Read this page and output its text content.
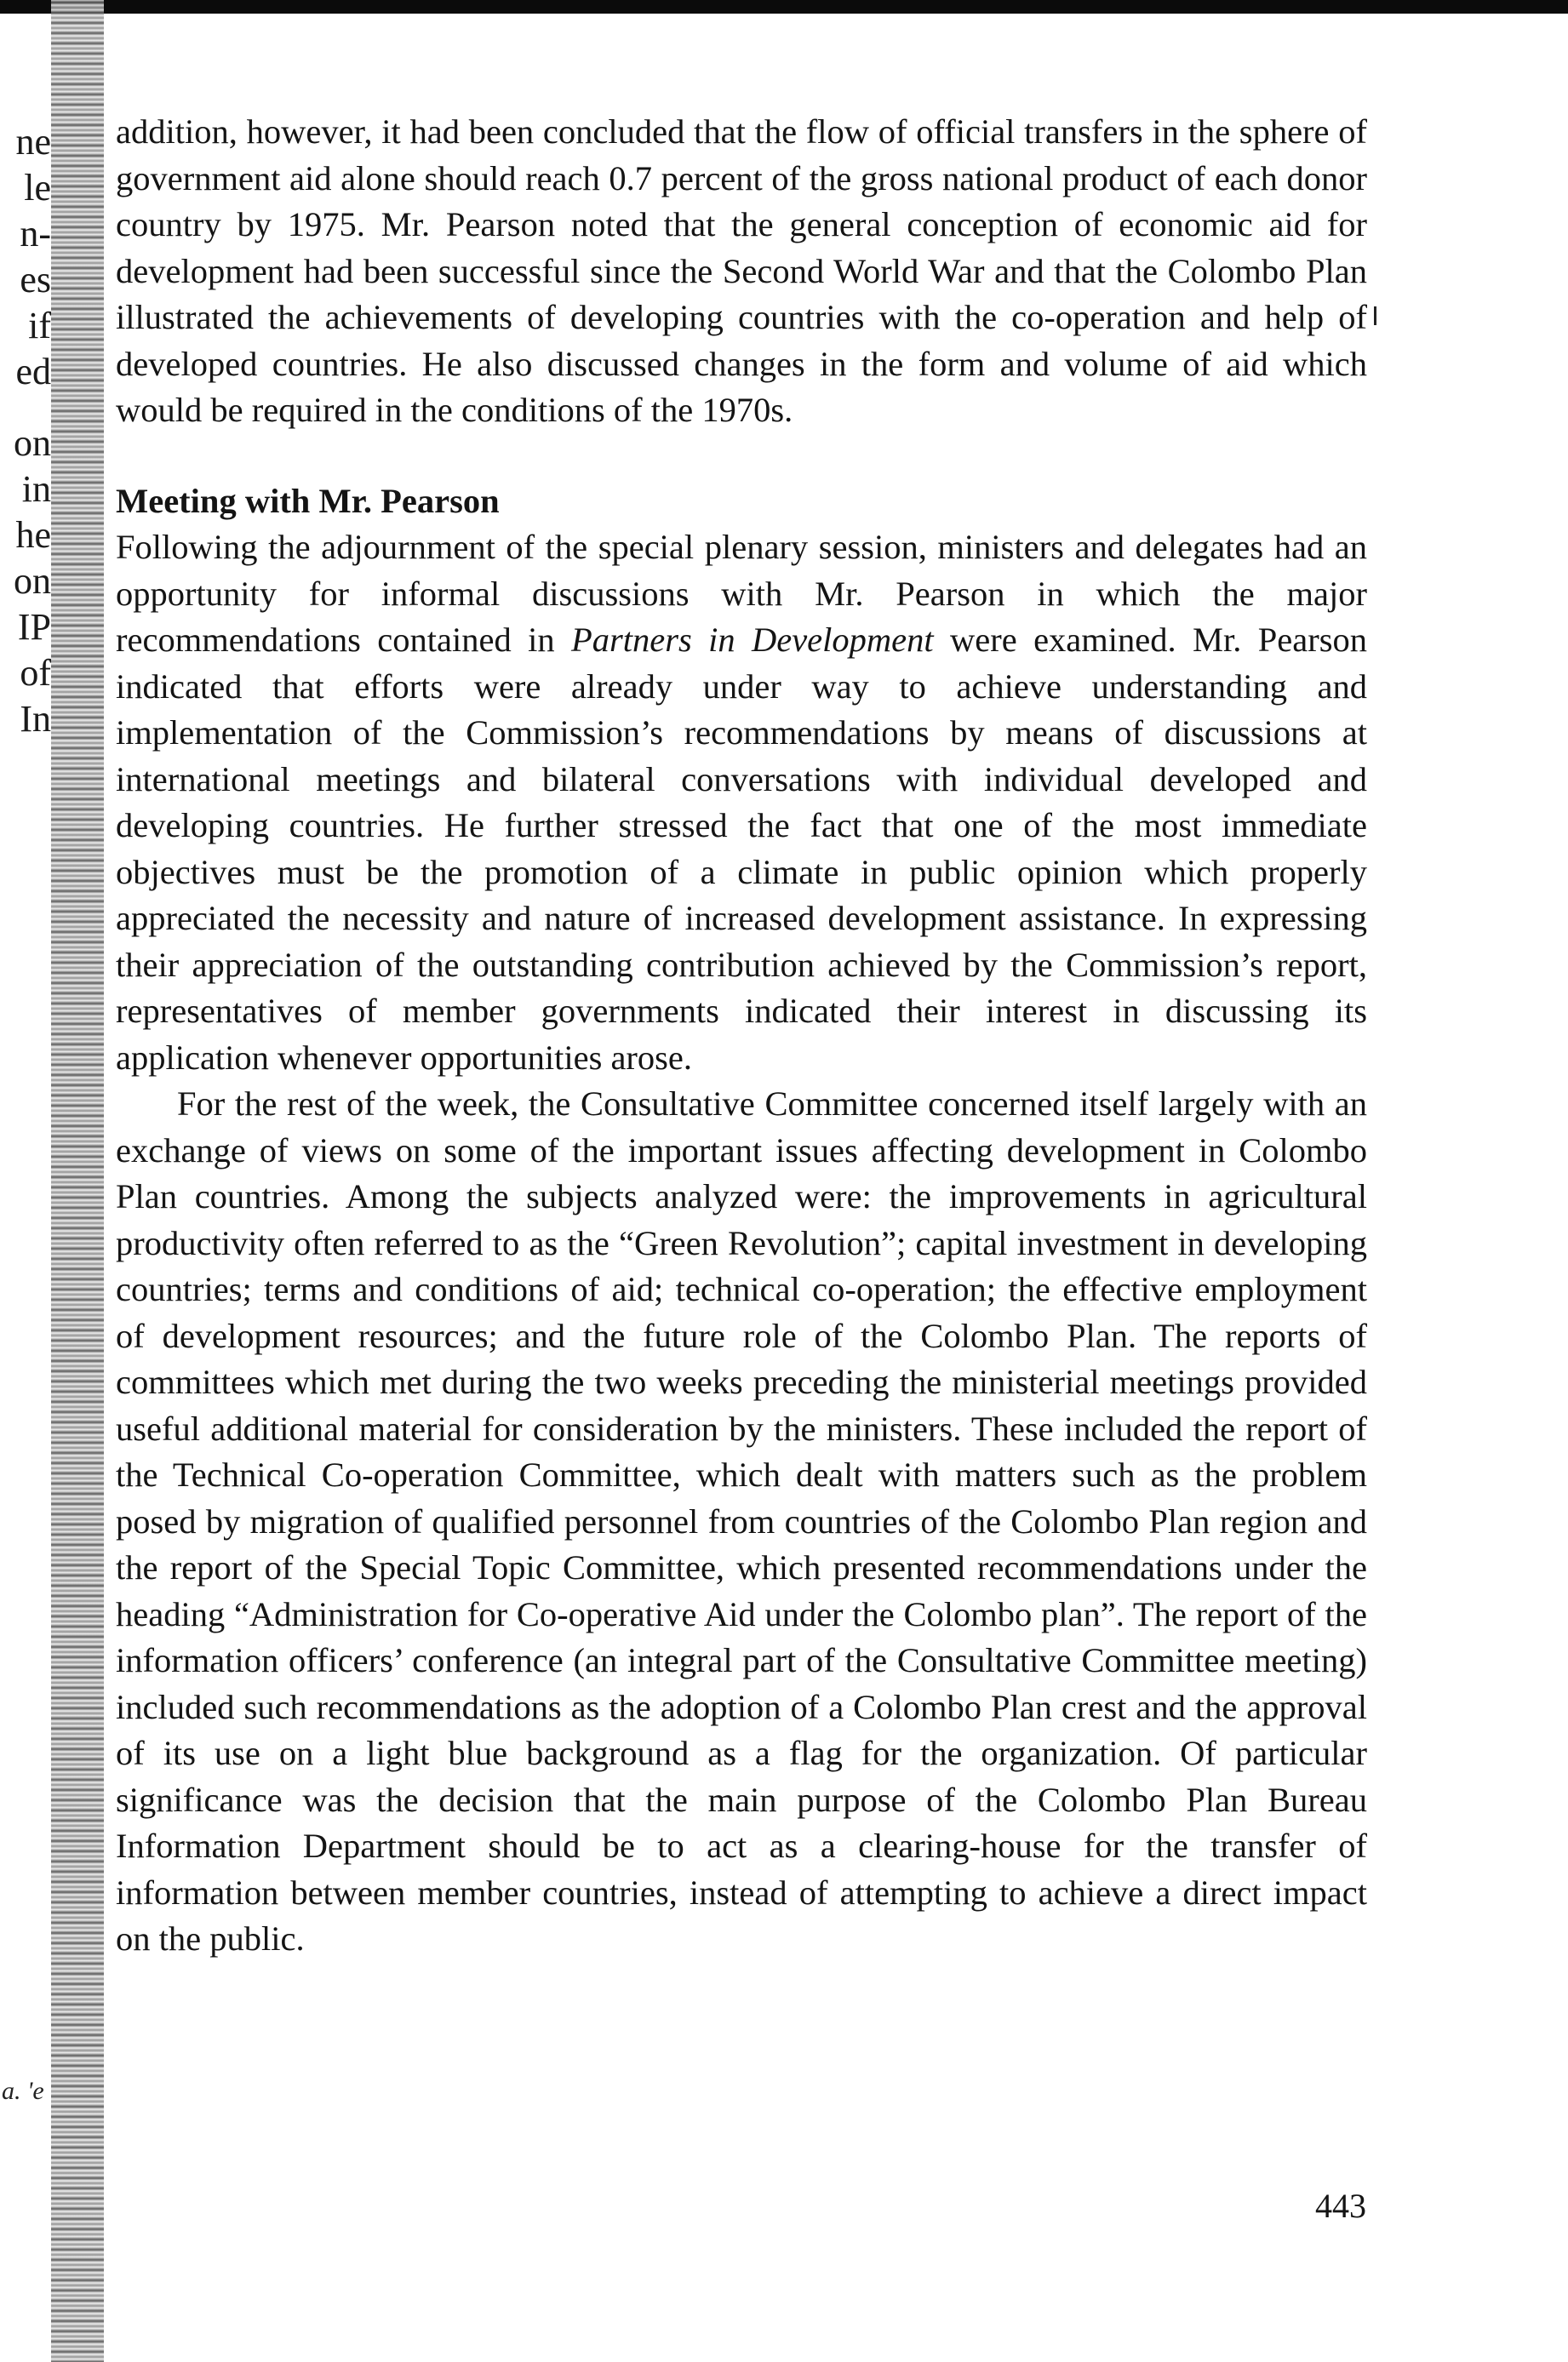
ne
le
n-
es
if
ed
on
in
he
on
IP
of
In
a. 'e

addition, however, it had been concluded that the flow of official transfers in the sphere of government aid alone should reach 0.7 percent of the gross national product of each donor country by 1975. Mr. Pearson noted that the general conception of economic aid for development had been successful since the Second World War and that the Colombo Plan illustrated the achievements of developing countries with the co-operation and help of developed countries. He also discussed changes in the form and volume of aid which would be required in the conditions of the 1970s.

Meeting with Mr. Pearson

Following the adjournment of the special plenary session, ministers and delegates had an opportunity for informal discussions with Mr. Pearson in which the major recommendations contained in Partners in Development were examined. Mr. Pearson indicated that efforts were already under way to achieve understanding and implementation of the Commission’s recommendations by means of discussions at international meetings and bilateral conversations with individual developed and developing countries. He further stressed the fact that one of the most immediate objectives must be the promotion of a climate in public opinion which properly appreciated the necessity and nature of increased development assistance. In expressing their appreciation of the outstanding contribution achieved by the Commission’s report, representatives of member governments indicated their interest in discussing its application whenever opportunities arose.

For the rest of the week, the Consultative Committee concerned itself largely with an exchange of views on some of the important issues affecting development in Colombo Plan countries. Among the subjects analyzed were: the improvements in agricultural productivity often referred to as the “Green Revolution”; capital investment in developing countries; terms and conditions of aid; technical co-operation; the effective employment of development resources; and the future role of the Colombo Plan. The reports of committees which met during the two weeks preceding the ministerial meetings provided useful additional material for consideration by the ministers. These included the report of the Technical Co-operation Committee, which dealt with matters such as the problem posed by migration of qualified personnel from countries of the Colombo Plan region and the report of the Special Topic Committee, which presented recommendations under the heading “Administration for Co-operative Aid under the Colombo plan”. The report of the information officers’ conference (an integral part of the Consultative Committee meeting) included such recommendations as the adoption of a Colombo Plan crest and the approval of its use on a light blue background as a flag for the organization. Of particular significance was the decision that the main purpose of the Colombo Plan Bureau Information Department should be to act as a clearing-house for the transfer of information between member countries, instead of attempting to achieve a direct impact on the public.

443
